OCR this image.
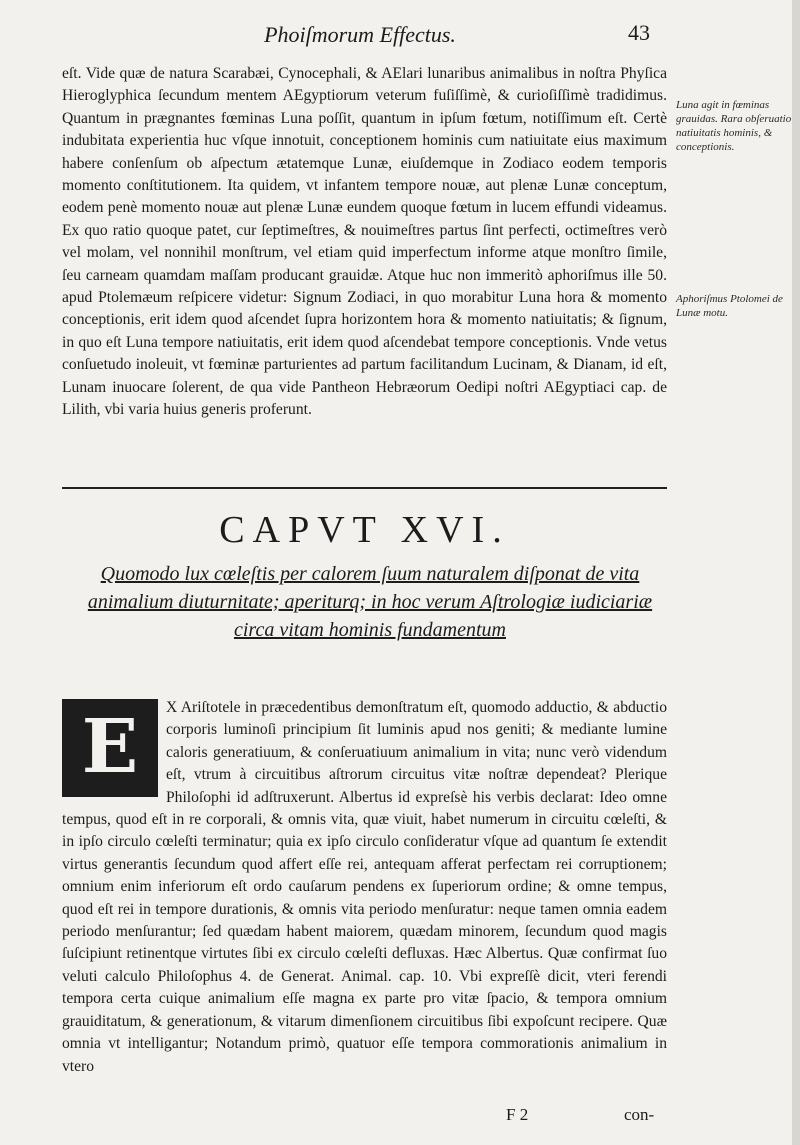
Phoiſmorum Effectus.	43
eſt. Vide quæ de natura Scarabæi, Cynocephali, & AElari lunaribus animalibus in noſtra Phyſica Hieroglyphica ſecundum mentem AEgyptiorum veterum fuſiſſimè, & curioſiſſimè tradidimus. Quantum in prægnantes fœminas Luna poſſit, quantum in ipſum fœtum, notiſſimum eſt. Certè indubitata experientia huc vſque innotuit, conceptionem hominis cum natiuitate eius maximum habere conſenſum ob aſpectum ætatemque Lunæ, eiuſdemque in Zodiaco eodem temporis momento conſtitutionem. Ita quidem, vt infantem tempore nouæ, aut plenæ Lunæ conceptum, eodem penè momento nouæ aut plenæ Lunæ eundem quoque fœtum in lucem effundi videamus. Ex quo ratio quoque patet, cur ſeptimeſtres, & nouimeſtres partus ſint perfecti, octimeſtres verò vel molam, vel nonnihil monſtrum, vel etiam quid imperfectum informe atque monſtro ſimile, ſeu carneam quamdam maſſam producant grauidæ. Atque huc non immeritò aphoriſmus ille 50. apud Ptolemæum reſpicere videtur: Signum Zodiaci, in quo morabitur Luna hora & momento conceptionis, erit idem quod aſcendet ſupra horizontem hora & momento natiuitatis; & ſignum, in quo eſt Luna tempore natiuitatis, erit idem quod aſcendebat tempore conceptionis. Vnde vetus conſuetudo inoleuit, vt fœminæ parturientes ad partum facilitandum Lucinam, & Dianam, id eſt, Lunam inuocare ſolerent, de qua vide Pantheon Hebræorum Oedipi noſtri AEgyptiaci cap. de Lilith, vbi varia huius generis proferunt.
Luna agit in fœminas grauidas. Rara obſeruatio natiuitatis hominis, & conceptionis.
Aphoriſmus Ptolomei de Lunæ motu.
CAPVT XVI.
Quomodo lux cœleſtis per calorem ſuum naturalem diſponat de vita animalium diuturnitate; aperiturq; in hoc verum Aſtrologiæ iudiciariæ circa vitam hominis fundamentum
E	X Ariſtotele in præcedentibus demonſtratum eſt, quomodo adductio, & abductio corporis luminoſi principium ſit luminis apud nos geniti; & mediante lumine caloris generatiuum, & conſeruatiuum animalium in vita; nunc verò videndum eſt, vtrum à circuitibus aſtrorum circuitus vitæ noſtræ dependeat? Plerique Philoſophi id adſtruxerunt. Albertus id expreſsè his verbis declarat: Ideo omne tempus, quod eſt in re corporali, & omnis vita, quæ viuit, habet numerum in circuitu cœleſti, & in ipſo circulo cœleſti terminatur; quia ex ipſo circulo conſideratur vſque ad quantum ſe extendit virtus generantis ſecundum quod affert eſſe rei, antequam afferat perfectam rei corruptionem; omnium enim inferiorum eſt ordo cauſarum pendens ex ſuperiorum ordine; & omne tempus, quod eſt rei in tempore durationis, & omnis vita periodo menſuratur: neque tamen omnia eadem periodo menſurantur; ſed quædam habent maiorem, quædam minorem, ſecundum quod magis ſuſcipiunt retinentque virtutes ſibi ex circulo cœleſti defluxas. Hæc Albertus. Quæ confirmat ſuo veluti calculo Philoſophus 4. de Generat. Animal. cap. 10. Vbi expreſſè dicit, vteri ferendi tempora certa cuique animalium eſſe magna ex parte pro vitæ ſpacio, & tempora omnium grauiditatum, & generationum, & vitarum dimenſionem circuitibus ſibi expoſcunt recipere. Quæ omnia vt intelligantur; Notandum primò, quatuor eſſe tempora commorationis animalium in vtero
F 2	con-
